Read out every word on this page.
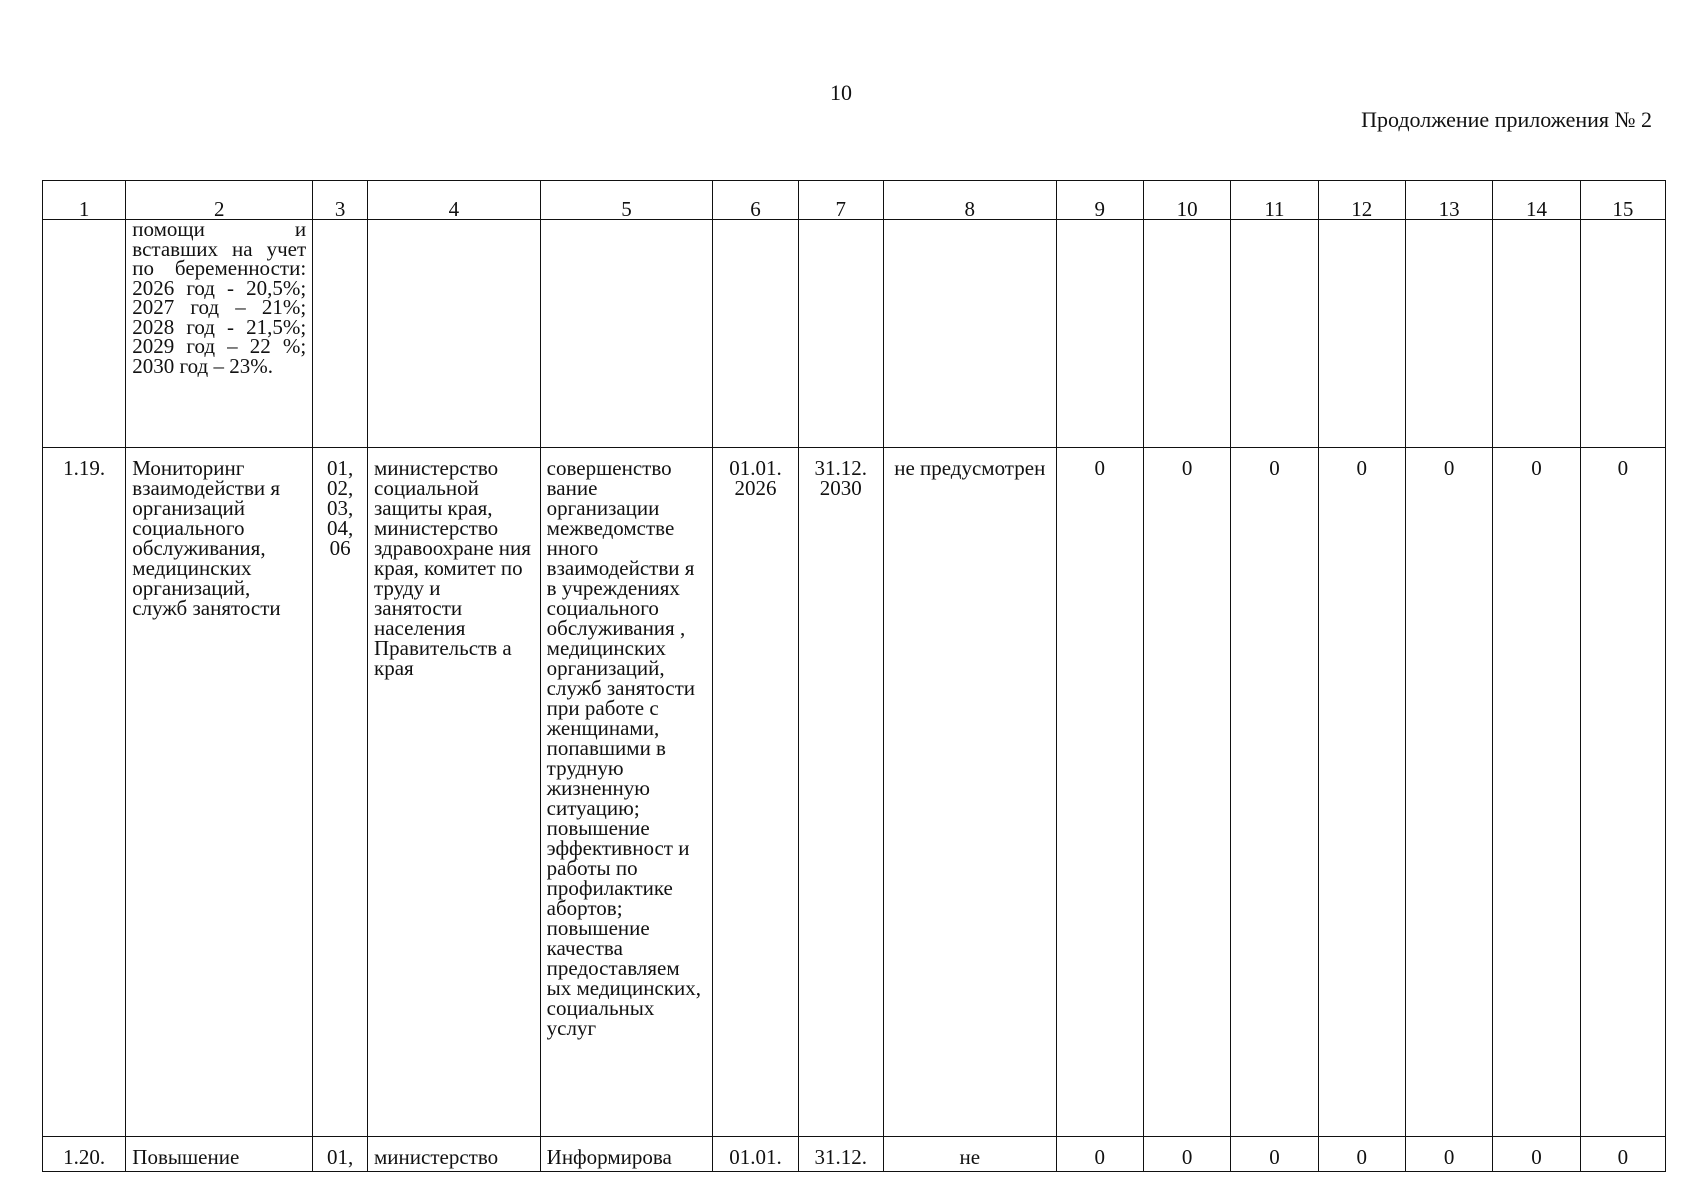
10
Продолжение приложения № 2
1	2	3	4	5	6	7	8	9	10	11	12	13	14	15
	помощи и вставших на учет по беременности: 2026 год - 20,5%; 2027 год – 21%; 2028 год - 21,5%; 2029 год – 22 %; 2030 год – 23%.													
1.19.	Мониторинг взаимодействи я организаций социального обслуживания, медицинских организаций, служб занятости	01, 02, 03, 04, 06	министерство социальной защиты края, министерство здравоохране ния края, комитет по труду и занятости населения Правительств а края	совершенство вание организации межведомстве нного взаимодействи я в учреждениях социального обслуживания , медицинских организаций, служб занятости при работе с женщинами, попавшими в трудную жизненную ситуацию; повышение эффективност и работы по профилактике абортов; повышение качества предоставляем ых медицинских, социальных услуг	01.01. 2026	31.12. 2030	не предусмотрен	0	0	0	0	0	0	0
1.20.	Повышение	01,	министерство	Информирова	01.01.	31.12.	не	0	0	0	0	0	0	0
